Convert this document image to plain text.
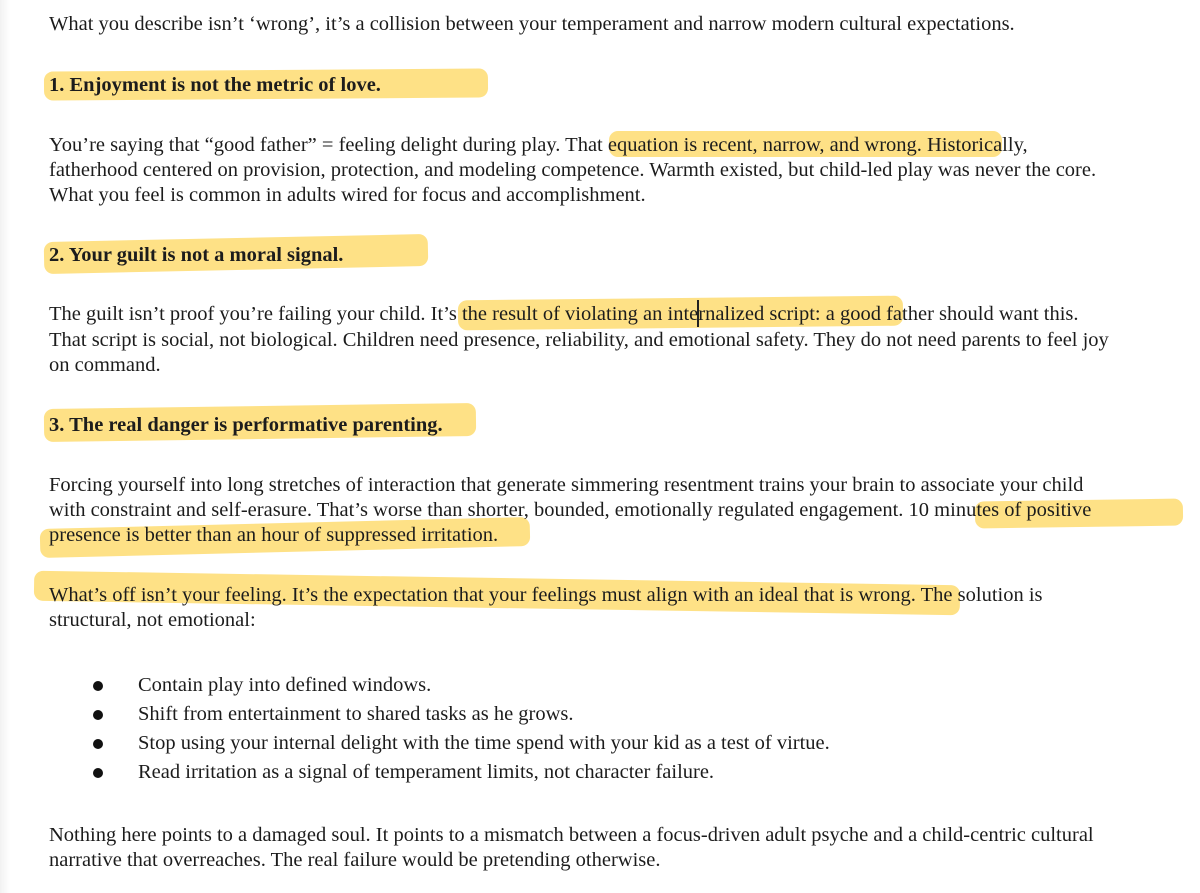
What you describe isn’t ‘wrong’, it’s a collision between your temperament and narrow modern cultural expectations.
1. Enjoyment is not the metric of love.
You’re saying that “good father” = feeling delight during play. That equation is recent, narrow, and wrong. Historically,
fatherhood centered on provision, protection, and modeling competence. Warmth existed, but child-led play was never the core.
What you feel is common in adults wired for focus and accomplishment.
2. Your guilt is not a moral signal.
The guilt isn’t proof you’re failing your child. It’s the result of violating an internalized script: a good father should want this.
That script is social, not biological. Children need presence, reliability, and emotional safety. They do not need parents to feel joy
on command.
3. The real danger is performative parenting.
Forcing yourself into long stretches of interaction that generate simmering resentment trains your brain to associate your child
with constraint and self-erasure. That’s worse than shorter, bounded, emotionally regulated engagement. 10 minutes of positive
presence is better than an hour of suppressed irritation.
What’s off isn’t your feeling. It’s the expectation that your feelings must align with an ideal that is wrong. The solution is
structural, not emotional:
Contain play into defined windows.
Shift from entertainment to shared tasks as he grows.
Stop using your internal delight with the time spend with your kid as a test of virtue.
Read irritation as a signal of temperament limits, not character failure.
Nothing here points to a damaged soul. It points to a mismatch between a focus-driven adult psyche and a child-centric cultural
narrative that overreaches. The real failure would be pretending otherwise.
